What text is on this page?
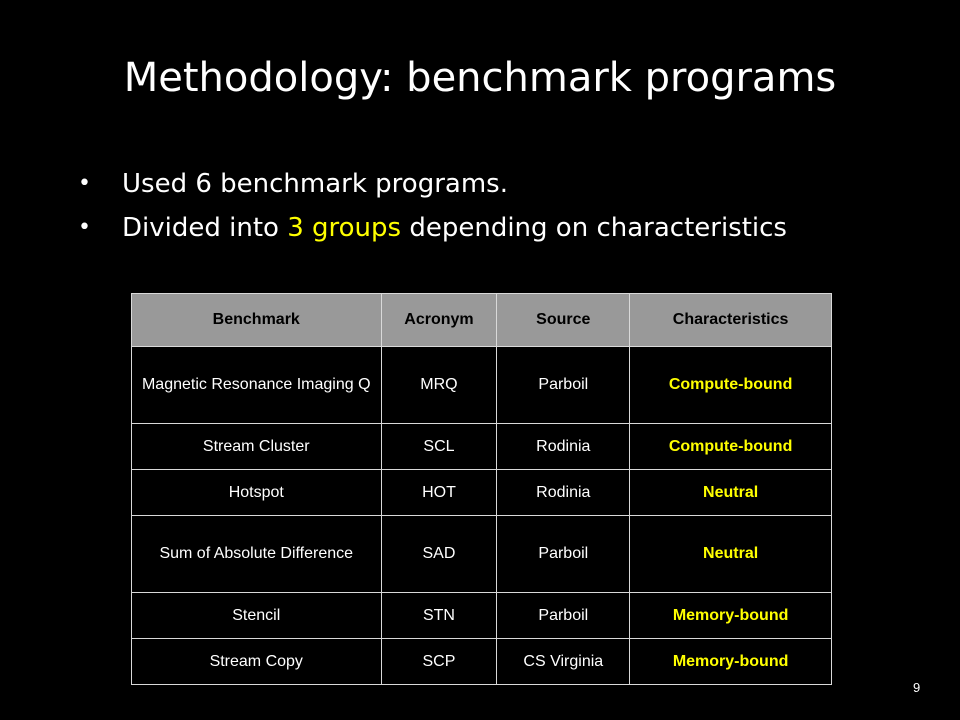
Methodology: benchmark programs
• Used 6 benchmark programs.
• Divided into 3 groups depending on characteristics
Benchmark	Acronym	Source	Characteristics
Magnetic Resonance Imaging Q	MRQ	Parboil	Compute-bound
Stream Cluster	SCL	Rodinia	Compute-bound
Hotspot	HOT	Rodinia	Neutral
Sum of Absolute Difference	SAD	Parboil	Neutral
Stencil	STN	Parboil	Memory-bound
Stream Copy	SCP	CS Virginia	Memory-bound
9
